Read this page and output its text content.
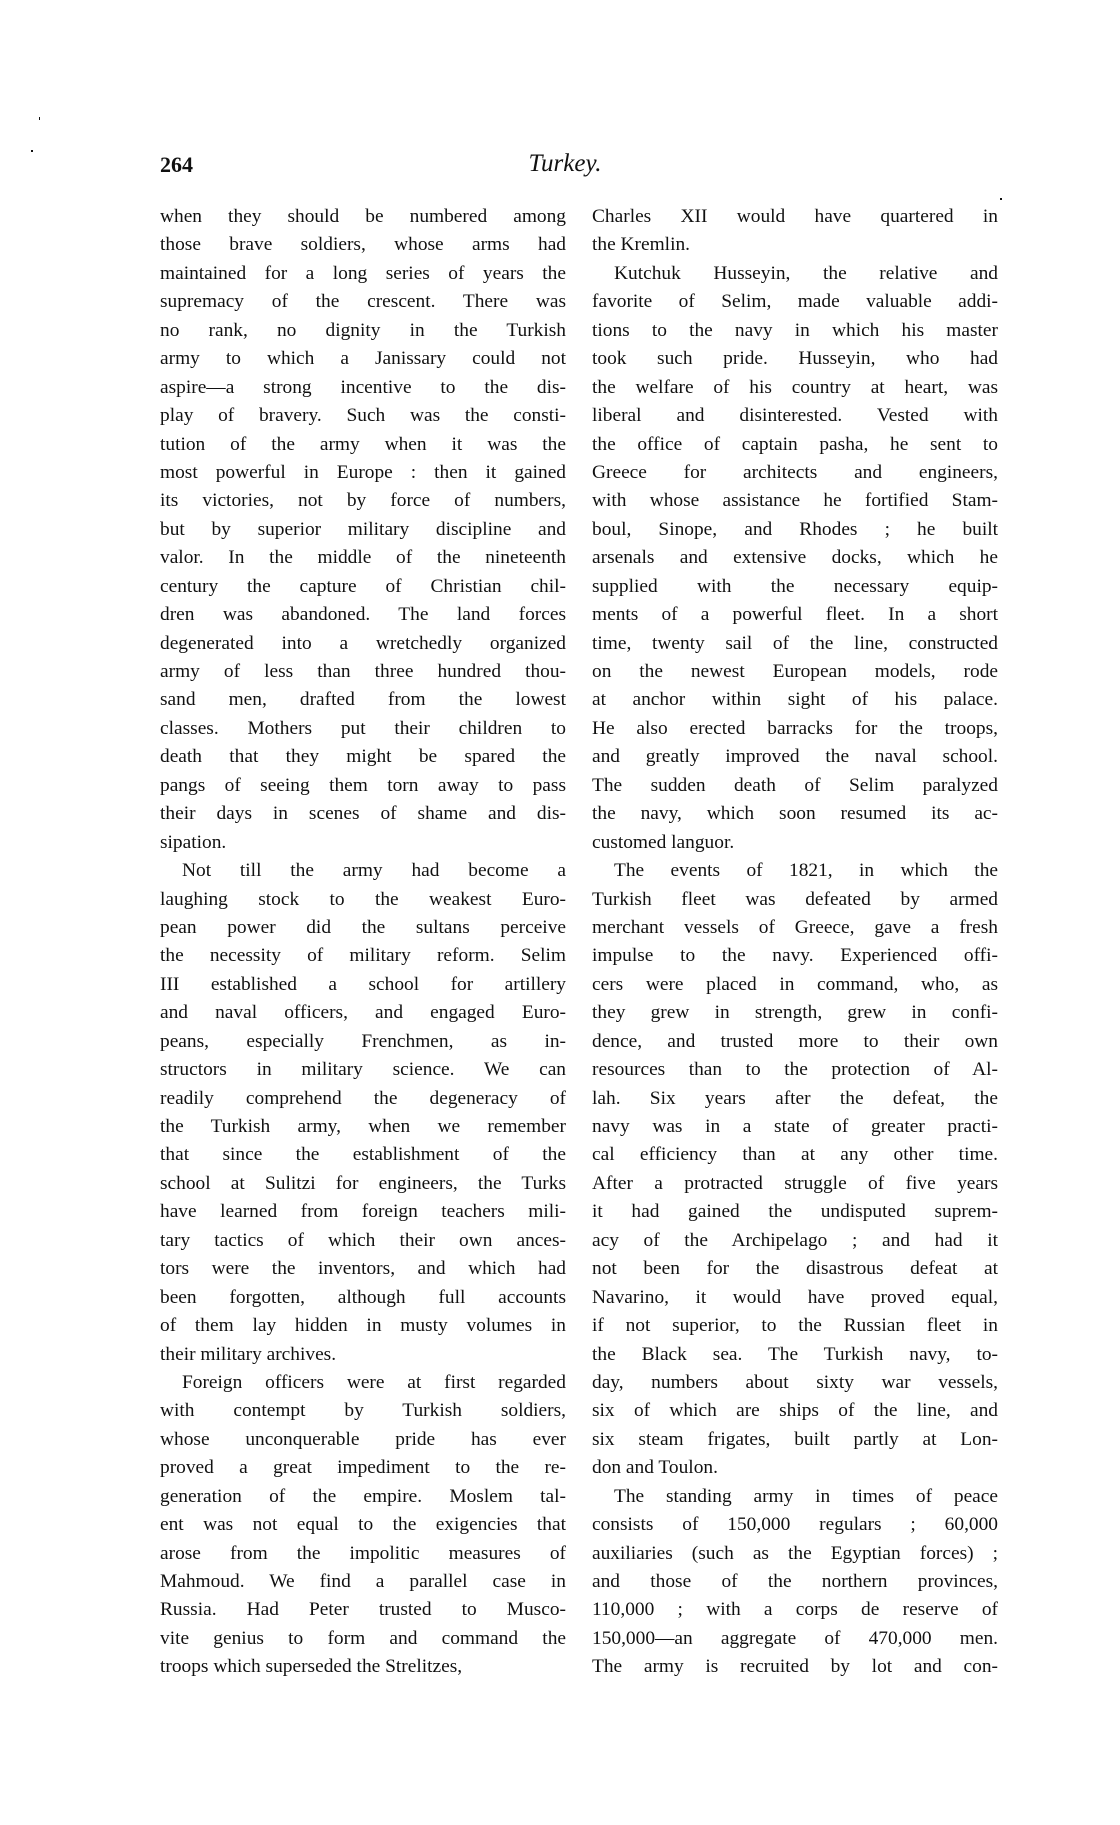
264	Turkey.
when they should be numbered among
those brave soldiers, whose arms had
maintained for a long series of years the
supremacy of the crescent. There was
no rank, no dignity in the Turkish
army to which a Janissary could not
aspire—a strong incentive to the dis-
play of bravery. Such was the consti-
tution of the army when it was the
most powerful in Europe : then it gained
its victories, not by force of numbers,
but by superior military discipline and
valor. In the middle of the nineteenth
century the capture of Christian chil-
dren was abandoned. The land forces
degenerated into a wretchedly organized
army of less than three hundred thou-
sand men, drafted from the lowest
classes. Mothers put their children to
death that they might be spared the
pangs of seeing them torn away to pass
their days in scenes of shame and dis-
sipation.
Not till the army had become a
laughing stock to the weakest Euro-
pean power did the sultans perceive
the necessity of military reform. Selim
III established a school for artillery
and naval officers, and engaged Euro-
peans, especially Frenchmen, as in-
structors in military science. We can
readily comprehend the degeneracy of
the Turkish army, when we remember
that since the establishment of the
school at Sulitzi for engineers, the Turks
have learned from foreign teachers mili-
tary tactics of which their own ances-
tors were the inventors, and which had
been forgotten, although full accounts
of them lay hidden in musty volumes in
their military archives.
Foreign officers were at first regarded
with contempt by Turkish soldiers,
whose unconquerable pride has ever
proved a great impediment to the re-
generation of the empire. Moslem tal-
ent was not equal to the exigencies that
arose from the impolitic measures of
Mahmoud. We find a parallel case in
Russia. Had Peter trusted to Musco-
vite genius to form and command the
troops which superseded the Strelitzes,
Charles XII would have quartered in
the Kremlin.
Kutchuk Husseyin, the relative and
favorite of Selim, made valuable addi-
tions to the navy in which his master
took such pride. Husseyin, who had
the welfare of his country at heart, was
liberal and disinterested. Vested with
the office of captain pasha, he sent to
Greece for architects and engineers,
with whose assistance he fortified Stam-
boul, Sinope, and Rhodes ; he built
arsenals and extensive docks, which he
supplied with the necessary equip-
ments of a powerful fleet. In a short
time, twenty sail of the line, constructed
on the newest European models, rode
at anchor within sight of his palace.
He also erected barracks for the troops,
and greatly improved the naval school.
The sudden death of Selim paralyzed
the navy, which soon resumed its ac-
customed languor.
The events of 1821, in which the
Turkish fleet was defeated by armed
merchant vessels of Greece, gave a fresh
impulse to the navy. Experienced offi-
cers were placed in command, who, as
they grew in strength, grew in confi-
dence, and trusted more to their own
resources than to the protection of Al-
lah. Six years after the defeat, the
navy was in a state of greater practi-
cal efficiency than at any other time.
After a protracted struggle of five years
it had gained the undisputed suprem-
acy of the Archipelago ; and had it
not been for the disastrous defeat at
Navarino, it would have proved equal,
if not superior, to the Russian fleet in
the Black sea. The Turkish navy, to-
day, numbers about sixty war vessels,
six of which are ships of the line, and
six steam frigates, built partly at Lon-
don and Toulon.
The standing army in times of peace
consists of 150,000 regulars ; 60,000
auxiliaries (such as the Egyptian forces) ;
and those of the northern provinces,
110,000 ; with a corps de reserve of
150,000—an aggregate of 470,000 men.
The army is recruited by lot and con-
